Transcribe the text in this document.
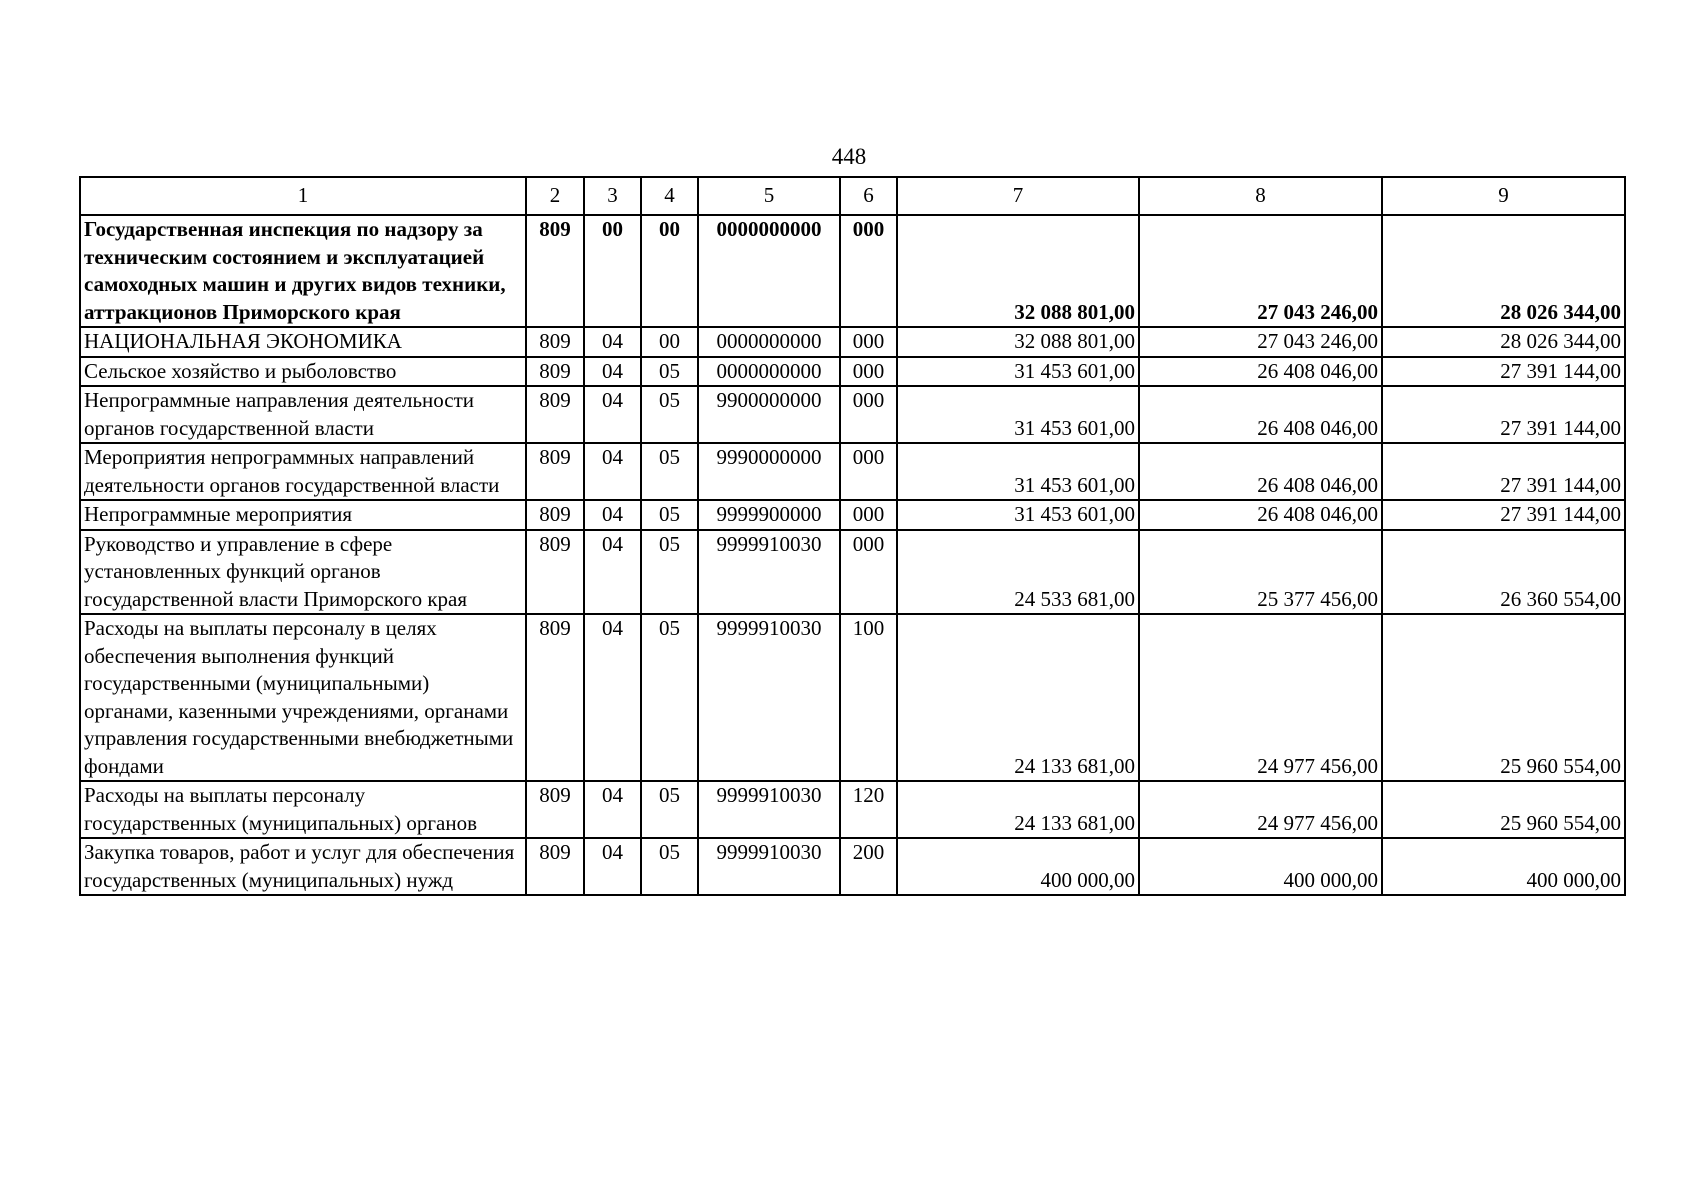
448
1	2	3	4	5	6	7	8	9
Государственная инспекция по надзору за техническим состоянием и эксплуатацией самоходных машин и других видов техники, аттракционов Приморского края	809	00	00	0000000000	000	32 088 801,00	27 043 246,00	28 026 344,00
НАЦИОНАЛЬНАЯ ЭКОНОМИКА	809	04	00	0000000000	000	32 088 801,00	27 043 246,00	28 026 344,00
Сельское хозяйство и рыболовство	809	04	05	0000000000	000	31 453 601,00	26 408 046,00	27 391 144,00
Непрограммные направления деятельности органов государственной власти	809	04	05	9900000000	000	31 453 601,00	26 408 046,00	27 391 144,00
Мероприятия непрограммных направлений деятельности органов государственной власти	809	04	05	9990000000	000	31 453 601,00	26 408 046,00	27 391 144,00
Непрограммные мероприятия	809	04	05	9999900000	000	31 453 601,00	26 408 046,00	27 391 144,00
Руководство и управление в сфере установленных функций органов государственной власти Приморского края	809	04	05	9999910030	000	24 533 681,00	25 377 456,00	26 360 554,00
Расходы на выплаты персоналу в целях обеспечения выполнения функций государственными (муниципальными) органами, казенными учреждениями, органами управления государственными внебюджетными фондами	809	04	05	9999910030	100	24 133 681,00	24 977 456,00	25 960 554,00
Расходы на выплаты персоналу государственных (муниципальных) органов	809	04	05	9999910030	120	24 133 681,00	24 977 456,00	25 960 554,00
Закупка товаров, работ и услуг для обеспечения государственных (муниципальных) нужд	809	04	05	9999910030	200	400 000,00	400 000,00	400 000,00
